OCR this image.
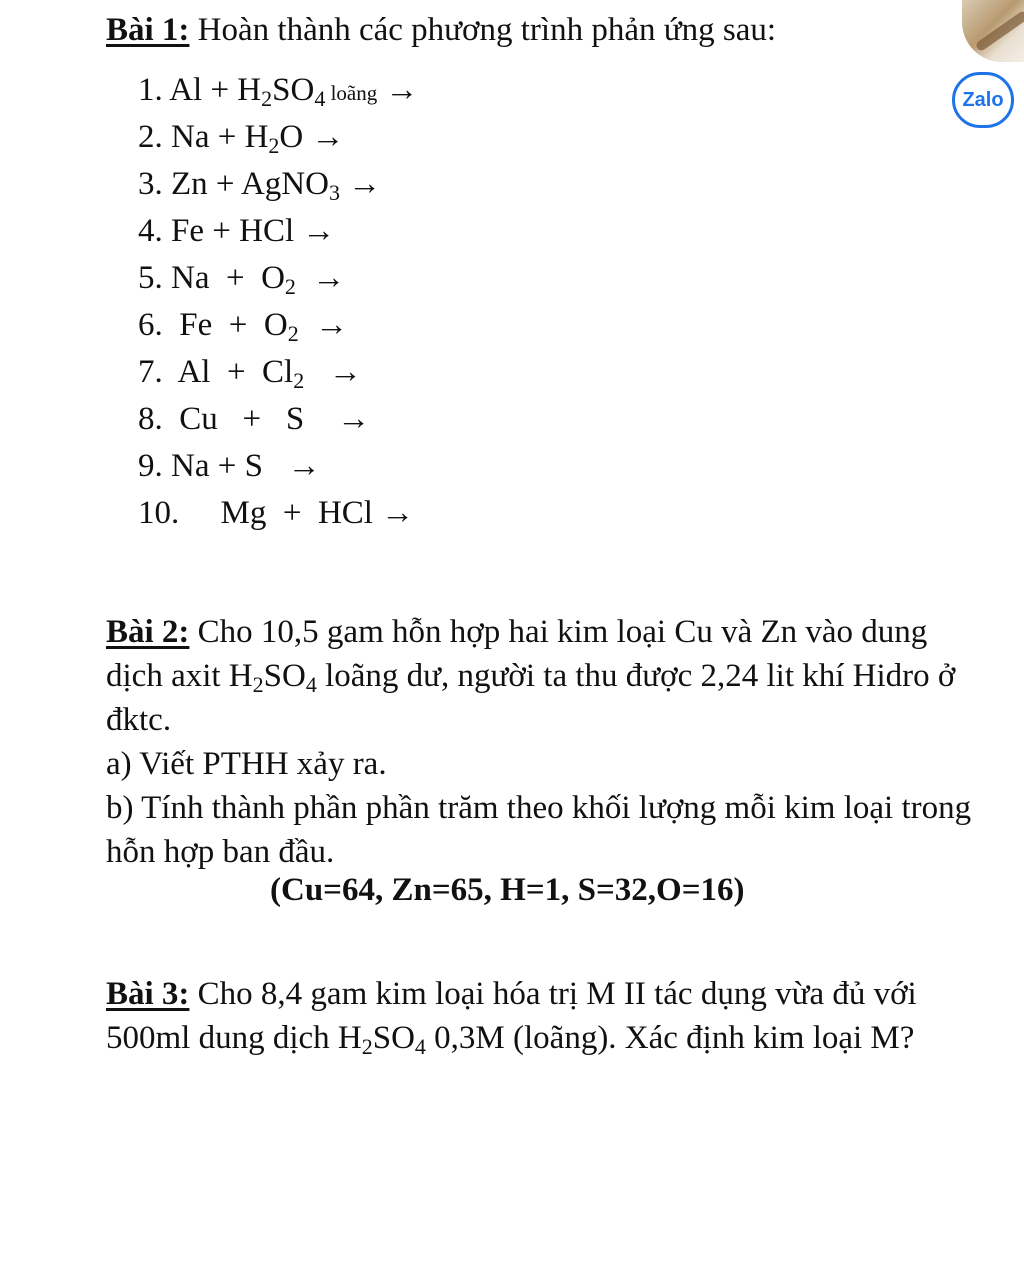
Zalo
Bài 1: Hoàn thành các phương trình phản ứng sau:
1. $Al + H_2SO_4$ loãng →
2. $Na + H_2O$ →
3. Zn + AgNO$_3$ →
4. Fe + HCl →
5. $Na + O_2$ →
6. $Fe + O_2$ →
7. $Al + Cl_2$ →
8. Cu   +   S →
9. Na + S →
10. Mg  +  HCl →
Bài 2: Cho 10,5 gam hỗn hợp hai kim loại Cu và Zn vào dung dịch axit $H_2SO_4$ loãng dư, người ta thu được 2,24 lit khí Hidro ở đktc.
a) Viết PTHH xảy ra.
b) Tính thành phần phần trăm theo khối lượng mỗi kim loại trong hỗn hợp ban đầu.
(Cu=64, Zn=65, H=1, S=32,O=16)
Bài 3: Cho 8,4 gam kim loại hóa trị M II tác dụng vừa đủ với 500ml dung dịch $H_2SO_4$ 0,3M (loãng). Xác định kim loại M?
